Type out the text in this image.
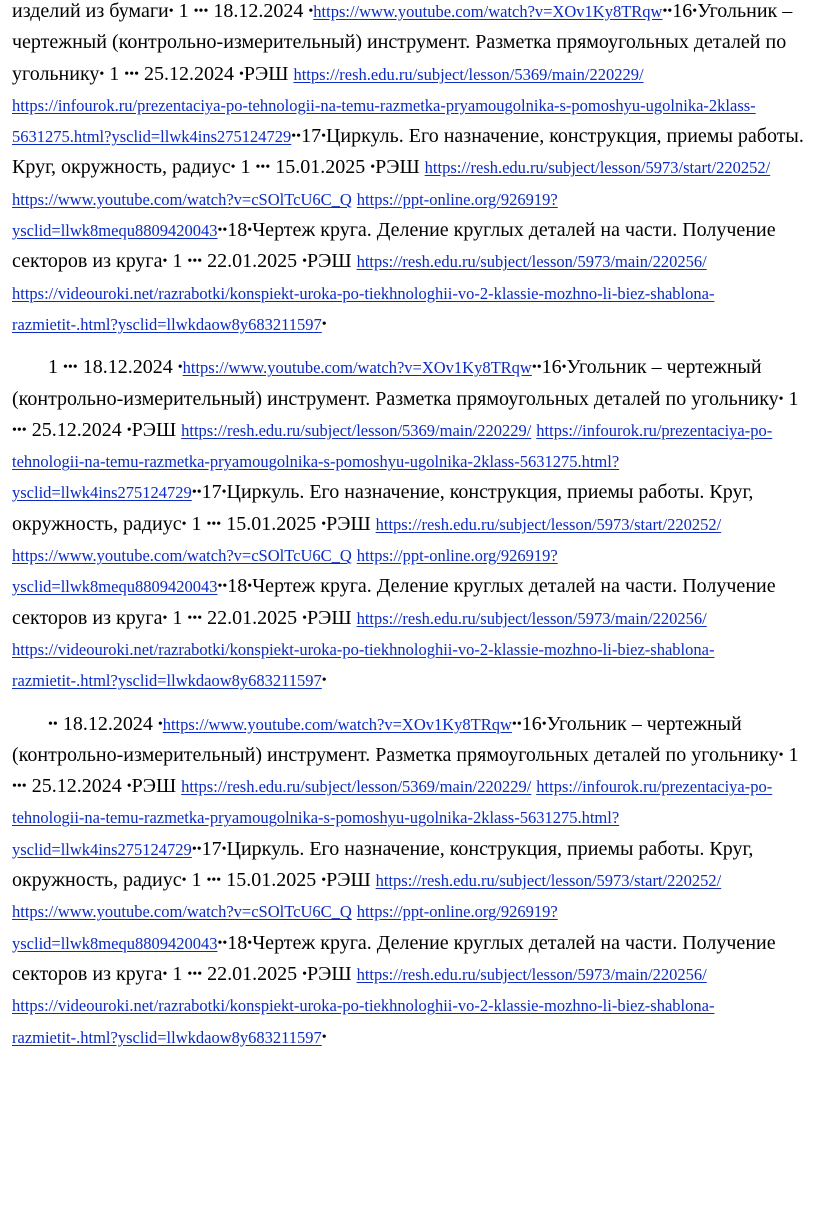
изделий из бумаги• 1 ••• 18.12.2024 •https://www.youtube.com/watch?v=XOv1Ky8TRqw••16•Угольник – чертежный (контрольно-измерительный) инструмент. Разметка прямоугольных деталей по угольнику• 1 ••• 25.12.2024 •РЭШ https://resh.edu.ru/subject/lesson/5369/main/220229/ https://infourok.ru/prezentaciya-po-tehnologii-na-temu-razmetka-pryamougolnika-s-pomoshyu-ugolnika-2klass-5631275.html?ysclid=llwk4ins275124729••17•Циркуль. Его назначение, конструкция, приемы работы. Круг, окружность, радиус• 1 ••• 15.01.2025 •РЭШ https://resh.edu.ru/subject/lesson/5973/start/220252/ https://www.youtube.com/watch?v=cSOlTcU6C_Q https://ppt-online.org/926919?ysclid=llwk8mequ8809420043••18•Чертеж круга. Деление круглых деталей на части. Получение секторов из круга• 1 ••• 22.01.2025 •РЭШ https://resh.edu.ru/subject/lesson/5973/main/220256/ https://videouroki.net/razrabotki/konspiekt-uroka-po-tiekhnologhii-vo-2-klassie-mozhno-li-biez-shablona-razmietit-.html?ysclid=llwkdaow8y683211597•

1 ••• 18.12.2024 •https://www.youtube.com/watch?v=XOv1Ky8TRqw••16•Угольник – чертежный (контрольно-измерительный) инструмент. Разметка прямоугольных деталей по угольнику• 1 ••• 25.12.2024 •РЭШ https://resh.edu.ru/subject/lesson/5369/main/220229/ https://infourok.ru/prezentaciya-po-tehnologii-na-temu-razmetka-pryamougolnika-s-pomoshyu-ugolnika-2klass-5631275.html?ysclid=llwk4ins275124729••17•Циркуль. Его назначение, конструкция, приемы работы. Круг, окружность, радиус• 1 ••• 15.01.2025 •РЭШ https://resh.edu.ru/subject/lesson/5973/start/220252/ https://www.youtube.com/watch?v=cSOlTcU6C_Q https://ppt-online.org/926919?ysclid=llwk8mequ8809420043••18•Чертеж круга. Деление круглых деталей на части. Получение секторов из круга• 1 ••• 22.01.2025 •РЭШ https://resh.edu.ru/subject/lesson/5973/main/220256/ https://videouroki.net/razrabotki/konspiekt-uroka-po-tiekhnologhii-vo-2-klassie-mozhno-li-biez-shablona-razmietit-.html?ysclid=llwkdaow8y683211597•

•• 18.12.2024 •https://www.youtube.com/watch?v=XOv1Ky8TRqw••16•Угольник – чертежный (контрольно-измерительный) инструмент. Разметка прямоугольных деталей по угольнику• 1 ••• 25.12.2024 •РЭШ https://resh.edu.ru/subject/lesson/5369/main/220229/ https://infourok.ru/prezentaciya-po-tehnologii-na-temu-razmetka-pryamougolnika-s-pomoshyu-ugolnika-2klass-5631275.html?ysclid=llwk4ins275124729••17•Циркуль. Его назначение, конструкция, приемы работы. Круг, окружность, радиус• 1 ••• 15.01.2025 •РЭШ https://resh.edu.ru/subject/lesson/5973/start/220252/ https://www.youtube.com/watch?v=cSOlTcU6C_Q https://ppt-online.org/926919?ysclid=llwk8mequ8809420043••18•Чертеж круга. Деление круглых деталей на части. Получение секторов из круга• 1 ••• 22.01.2025 •РЭШ https://resh.edu.ru/subject/lesson/5973/main/220256/ https://videouroki.net/razrabotki/konspiekt-uroka-po-tiekhnologhii-vo-2-klassie-mozhno-li-biez-shablona-razmietit-.html?ysclid=llwkdaow8y683211597•
